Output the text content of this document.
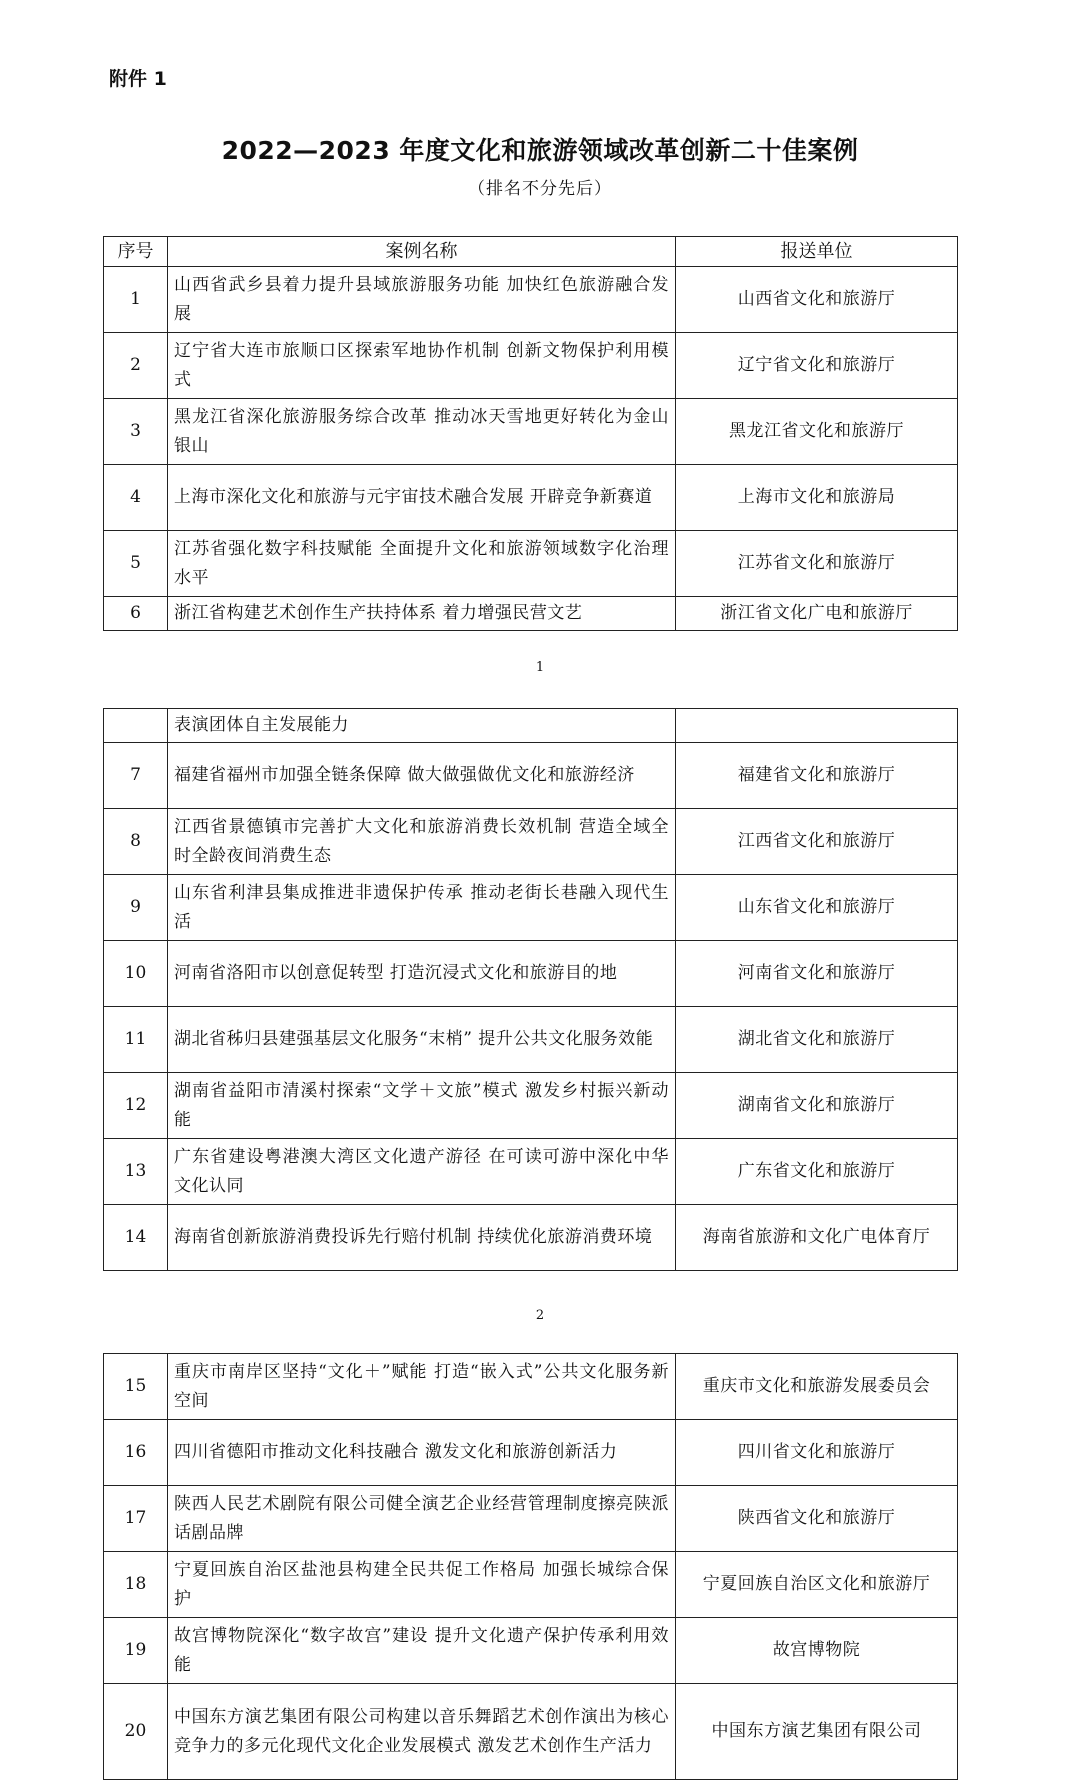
附件 1
2022—2023 年度文化和旅游领域改革创新二十佳案例
（排名不分先后）
序号	案例名称	报送单位
1	山西省武乡县着力提升县域旅游服务功能 加快红色旅游融合发展	山西省文化和旅游厅
2	辽宁省大连市旅顺口区探索军地协作机制 创新文物保护利用模式	辽宁省文化和旅游厅
3	黑龙江省深化旅游服务综合改革 推动冰天雪地更好转化为金山银山	黑龙江省文化和旅游厅
4	上海市深化文化和旅游与元宇宙技术融合发展 开辟竞争新赛道	上海市文化和旅游局
5	江苏省强化数字科技赋能 全面提升文化和旅游领域数字化治理水平	江苏省文化和旅游厅
6	浙江省构建艺术创作生产扶持体系 着力增强民营文艺	浙江省文化广电和旅游厅
1
	表演团体自主发展能力	
7	福建省福州市加强全链条保障 做大做强做优文化和旅游经济	福建省文化和旅游厅
8	江西省景德镇市完善扩大文化和旅游消费长效机制 营造全域全时全龄夜间消费生态	江西省文化和旅游厅
9	山东省利津县集成推进非遗保护传承 推动老街长巷融入现代生活	山东省文化和旅游厅
10	河南省洛阳市以创意促转型 打造沉浸式文化和旅游目的地	河南省文化和旅游厅
11	湖北省秭归县建强基层文化服务“末梢” 提升公共文化服务效能	湖北省文化和旅游厅
12	湖南省益阳市清溪村探索“文学＋文旅”模式 激发乡村振兴新动能	湖南省文化和旅游厅
13	广东省建设粤港澳大湾区文化遗产游径 在可读可游中深化中华文化认同	广东省文化和旅游厅
14	海南省创新旅游消费投诉先行赔付机制 持续优化旅游消费环境	海南省旅游和文化广电体育厅
2
15	重庆市南岸区坚持“文化＋”赋能 打造“嵌入式”公共文化服务新空间	重庆市文化和旅游发展委员会
16	四川省德阳市推动文化科技融合 激发文化和旅游创新活力	四川省文化和旅游厅
17	陕西人民艺术剧院有限公司健全演艺企业经营管理制度擦亮陕派话剧品牌	陕西省文化和旅游厅
18	宁夏回族自治区盐池县构建全民共促工作格局 加强长城综合保护	宁夏回族自治区文化和旅游厅
19	故宫博物院深化“数字故宫”建设 提升文化遗产保护传承利用效能	故宫博物院
20	中国东方演艺集团有限公司构建以音乐舞蹈艺术创作演出为核心竞争力的多元化现代文化企业发展模式 激发艺术创作生产活力	中国东方演艺集团有限公司
